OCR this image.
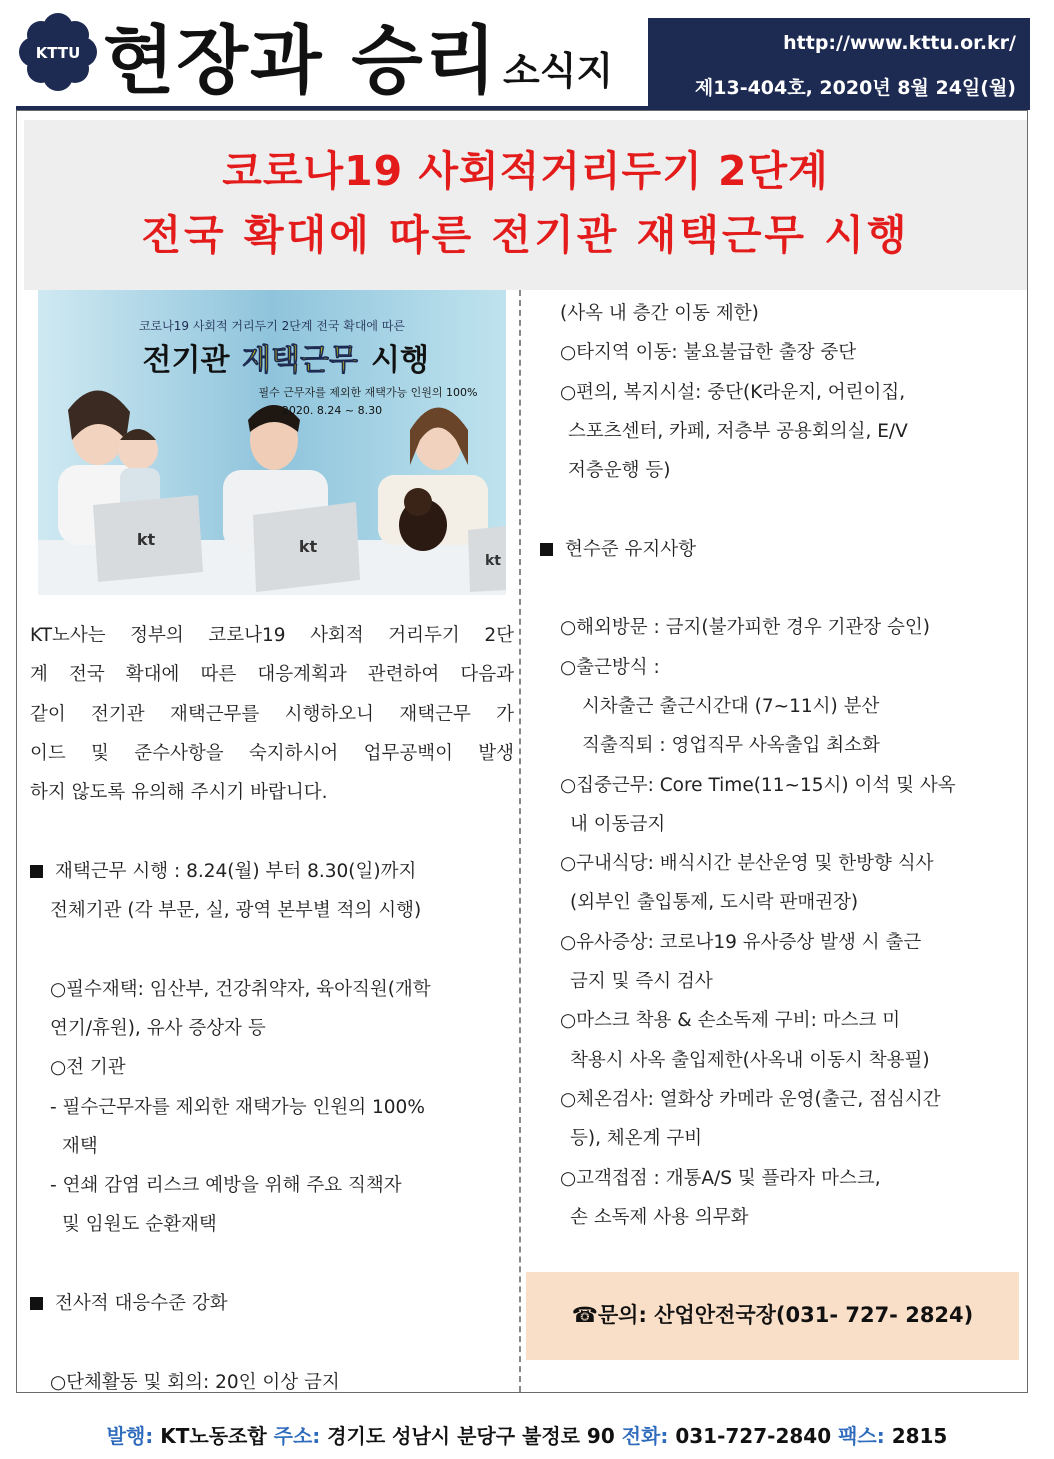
KTTU 현장과 승리 소식지
http://www.kttu.or.kr/
제13-404호, 2020년 8월 24일(월)
코로나19 사회적거리두기 2단계
전국 확대에 따른 전기관 재택근무 시행
kt	kt
kt
코로나19 사회적 거리두기 2단계 전국 확대에 따른
전기관 재택근무 시행
필수 근무자를 제외한 재택가능 인원의 100%
2020. 8.24 ~ 8.30
KT노사는 정부의 코로나19 사회적 거리두기 2단
계 전국 확대에 따른 대응계획과 관련하여 다음과
같이 전기관 재택근무를 시행하오니 재택근무 가
이드 및 준수사항을 숙지하시어 업무공백이 발생
하지 않도록 유의해 주시기 바랍니다.
재택근무 시행 : 8.24(월) 부터 8.30(일)까지
전체기관 (각 부문, 실, 광역 본부별 적의 시행)
○필수재택: 임산부, 건강취약자, 육아직원(개학
연기/휴원), 유사 증상자 등
○전 기관
- 필수근무자를 제외한 재택가능 인원의 100%
재택
- 연쇄 감염 리스크 예방을 위해 주요 직책자
및 임원도 순환재택
전사적 대응수준 강화
○단체활동 및 회의: 20인 이상 금지
(사옥 내 층간 이동 제한)
○타지역 이동: 불요불급한 출장 중단
○편의, 복지시설: 중단(K라운지, 어린이집,
스포츠센터, 카페, 저층부 공용회의실, E/V
저층운행 등)
현수준 유지사항
○해외방문 : 금지(불가피한 경우 기관장 승인)
○출근방식 :
시차출근 출근시간대 (7~11시) 분산
직출직퇴 : 영업직무 사옥출입 최소화
○집중근무: Core Time(11~15시) 이석 및 사옥
내 이동금지
○구내식당: 배식시간 분산운영 및 한방향 식사
(외부인 출입통제, 도시락 판매권장)
○유사증상: 코로나19 유사증상 발생 시 출근
금지 및 즉시 검사
○마스크 착용 & 손소독제 구비: 마스크 미
착용시 사옥 출입제한(사옥내 이동시 착용필)
○체온검사: 열화상 카메라 운영(출근, 점심시간
등), 체온계 구비
○고객접점 : 개통A/S 및 플라자 마스크,
손 소독제 사용 의무화
☎문의: 산업안전국장(031- 727- 2824)
발행: KT노동조합 주소: 경기도 성남시 분당구 불정로 90 전화: 031-727-2840 팩스: 2815
